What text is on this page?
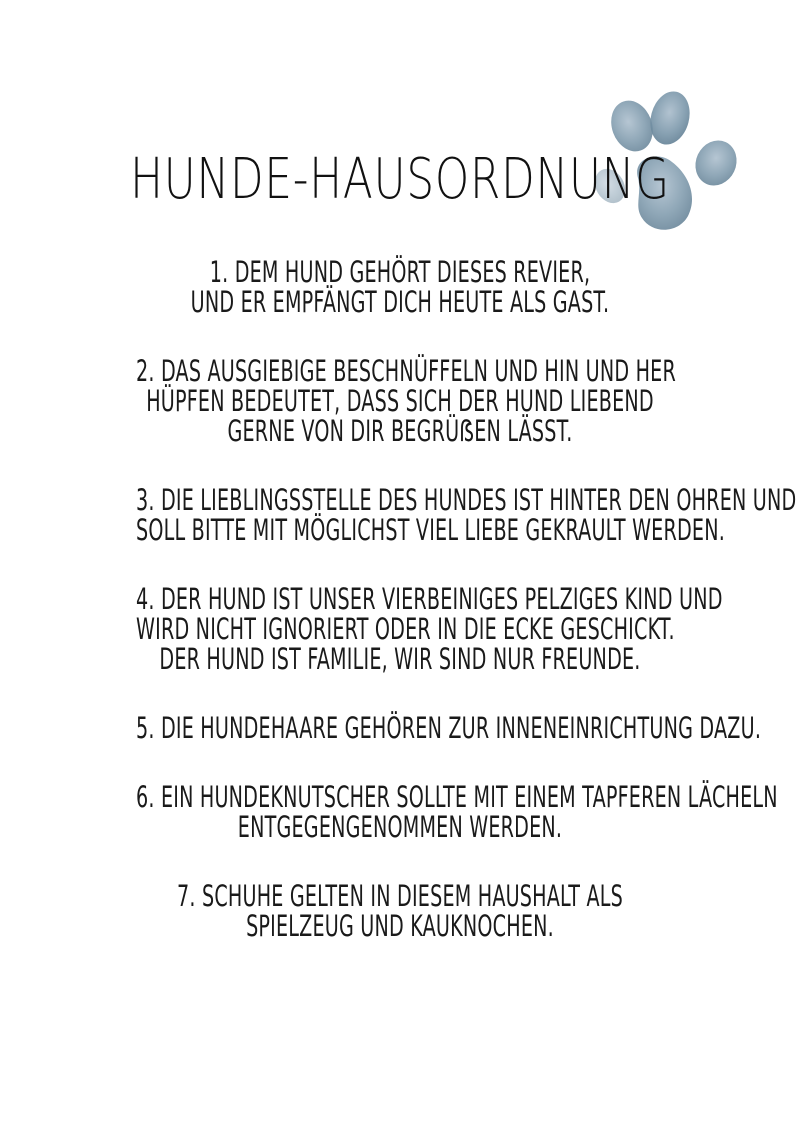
HUNDE-HAUSORDNUNG
1. DEM HUND GEHÖRT DIESES REVIER,
UND ER EMPFÄNGT DICH HEUTE ALS GAST.
2. DAS AUSGIEBIGE BESCHNÜFFELN UND HIN UND HER
HÜPFEN BEDEUTET, DASS SICH DER HUND LIEBEND
GERNE VON DIR BEGRÜẞEN LÄSST.
3. DIE LIEBLINGSSTELLE DES HUNDES IST HINTER DEN OHREN UND
SOLL BITTE MIT MÖGLICHST VIEL LIEBE GEKRAULT WERDEN.
4. DER HUND IST UNSER VIERBEINIGES PELZIGES KIND UND
WIRD NICHT IGNORIERT ODER IN DIE ECKE GESCHICKT.
DER HUND IST FAMILIE, WIR SIND NUR FREUNDE.
5. DIE HUNDEHAARE GEHÖREN ZUR INNENEINRICHTUNG DAZU.
6. EIN HUNDEKNUTSCHER SOLLTE MIT EINEM TAPFEREN LÄCHELN
ENTGEGENGENOMMEN WERDEN.
7. SCHUHE GELTEN IN DIESEM HAUSHALT ALS
SPIELZEUG UND KAUKNOCHEN.
